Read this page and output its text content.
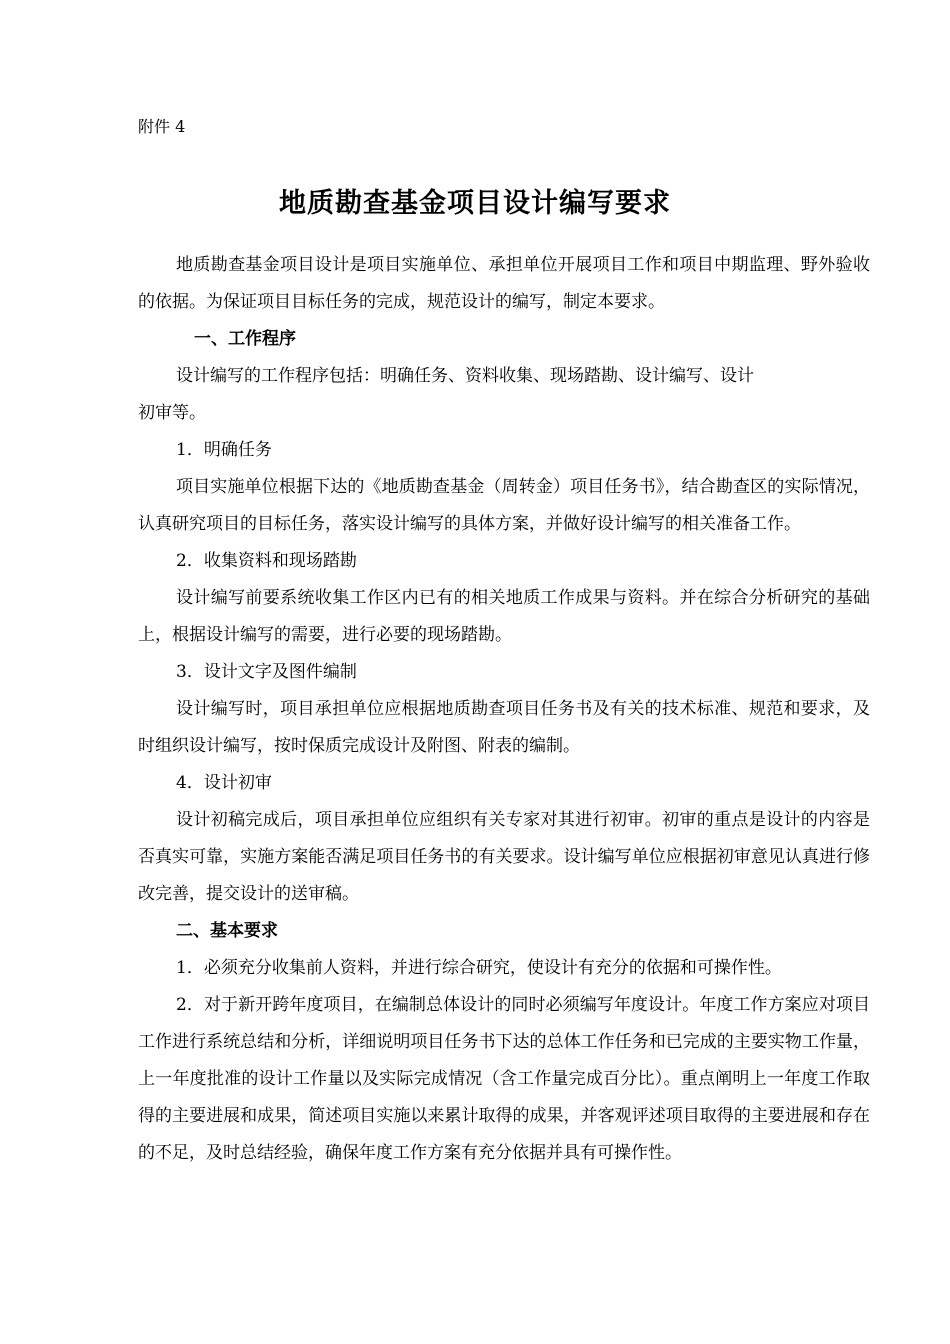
附件 4
地质勘查基金项目设计编写要求

地质勘查基金项目设计是项目实施单位、承担单位开展项目工作和项目中期监理、野外验收的依据。为保证项目目标任务的完成，规范设计的编写，制定本要求。

一、工作程序

设计编写的工作程序包括：明确任务、资料收集、现场踏勘、设计编写、设计

初审等。

1．明确任务

项目实施单位根据下达的《地质勘查基金（周转金）项目任务书》，结合勘查区的实际情况，认真研究项目的目标任务，落实设计编写的具体方案，并做好设计编写的相关准备工作。

2．收集资料和现场踏勘

设计编写前要系统收集工作区内已有的相关地质工作成果与资料。并在综合分析研究的基础上，根据设计编写的需要，进行必要的现场踏勘。

3．设计文字及图件编制

设计编写时，项目承担单位应根据地质勘查项目任务书及有关的技术标准、规范和要求，及时组织设计编写，按时保质完成设计及附图、附表的编制。

4．设计初审

设计初稿完成后，项目承担单位应组织有关专家对其进行初审。初审的重点是设计的内容是否真实可靠，实施方案能否满足项目任务书的有关要求。设计编写单位应根据初审意见认真进行修改完善，提交设计的送审稿。

二、基本要求

1．必须充分收集前人资料，并进行综合研究，使设计有充分的依据和可操作性。

2．对于新开跨年度项目，在编制总体设计的同时必须编写年度设计。年度工作方案应对项目工作进行系统总结和分析，详细说明项目任务书下达的总体工作任务和已完成的主要实物工作量，上一年度批准的设计工作量以及实际完成情况（含工作量完成百分比）。重点阐明上一年度工作取得的主要进展和成果，简述项目实施以来累计取得的成果，并客观评述项目取得的主要进展和存在的不足，及时总结经验，确保年度工作方案有充分依据并具有可操作性。
